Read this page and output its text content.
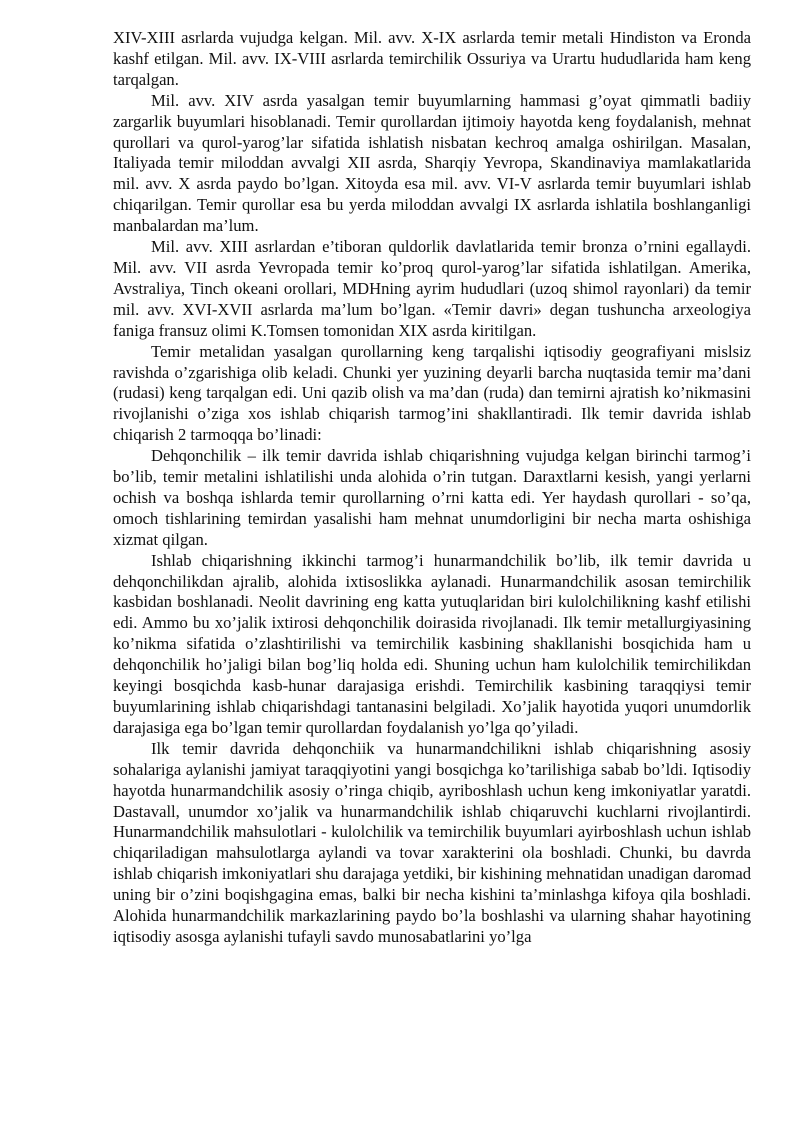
XIV-XIII asrlarda vujudga kelgan. Mil. avv. X-IX asrlarda temir metali Hindiston va Eronda kashf etilgan. Mil. avv. IX-VIII asrlarda temirchilik Ossuriya va Urartu hududlarida ham keng tarqalgan.

Mil. avv. XIV asrda yasalgan temir buyumlarning hammasi g’oyat qimmatli badiiy zargarlik buyumlari hisoblanadi. Temir qurollardan ijtimoiy hayotda keng foydalanish, mehnat qurollari va qurol-yarog’lar sifatida ishlatish nisbatan kechroq amalga oshirilgan. Masalan, Italiyada temir miloddan avvalgi XII asrda, Sharqiy Yevropa, Skandinaviya mamlakatlarida mil. avv. X asrda paydo bo’lgan. Xitoyda esa mil. avv. VI-V asrlarda temir buyumlari ishlab chiqarilgan. Temir qurollar esa bu yerda miloddan avvalgi IX asrlarda ishlatila boshlanganligi manbalardan ma’lum.

Mil. avv. XIII asrlardan e’tiboran quldorlik davlatlarida temir bronza o’rnini egallaydi. Mil. avv. VII asrda Yevropada temir ko’proq qurol-yarog’lar sifatida ishlatilgan. Amerika, Avstraliya, Tinch okeani orollari, MDHning ayrim hududlari (uzoq shimol rayonlari) da temir mil. avv. XVI-XVII asrlarda ma’lum bo’lgan. «Temir davri» degan tushuncha arxeologiya faniga fransuz olimi K.Tomsen tomonidan XIX asrda kiritilgan.

Temir metalidan yasalgan qurollarning keng tarqalishi iqtisodiy geografiyani mislsiz ravishda o’zgarishiga olib keladi. Chunki yer yuzining deyarli barcha nuqtasida temir ma’dani (rudasi) keng tarqalgan edi. Uni qazib olish va ma’dan (ruda) dan temirni ajratish ko’nikmasini rivojlanishi o’ziga xos ishlab chiqarish tarmog’ini shakllantiradi. Ilk temir davrida ishlab chiqarish 2 tarmoqqa bo’linadi:

Dehqonchilik – ilk temir davrida ishlab chiqarishning vujudga kelgan birinchi tarmog’i bo’lib, temir metalini ishlatilishi unda alohida o’rin tutgan. Daraxtlarni kesish, yangi yerlarni ochish va boshqa ishlarda temir qurollarning o’rni katta edi. Yer haydash qurollari - so’qa, omoch tishlarining temirdan yasalishi ham mehnat unumdorligini bir necha marta oshishiga xizmat qilgan.

Ishlab chiqarishning ikkinchi tarmog’i hunarmandchilik bo’lib, ilk temir davrida u dehqonchilikdan ajralib, alohida ixtisoslikka aylanadi. Hunarmandchilik asosan temirchilik kasbidan boshlanadi. Neolit davrining eng katta yutuqlaridan biri kulolchilikning kashf etilishi edi. Ammo bu xo’jalik ixtirosi dehqonchilik doirasida rivojlanadi. Ilk temir metallurgiyasining ko’nikma sifatida o’zlashtirilishi va temirchilik kasbining shakllanishi bosqichida ham u dehqonchilik ho’jaligi bilan bog’liq holda edi. Shuning uchun ham kulolchilik temirchilikdan keyingi bosqichda kasb-hunar darajasiga erishdi. Temirchilik kasbining taraqqiysi temir buyumlarining ishlab chiqarishdagi tantanasini belgiladi. Xo’jalik hayotida yuqori unumdorlik darajasiga ega bo’lgan temir qurollardan foydalanish yo’lga qo’yiladi.

Ilk temir davrida dehqonchiik va hunarmandchilikni ishlab chiqarishning asosiy sohalariga aylanishi jamiyat taraqqiyotini yangi bosqichga ko’tarilishiga sabab bo’ldi. Iqtisodiy hayotda hunarmandchilik asosiy o’ringa chiqib, ayriboshlash uchun keng imkoniyatlar yaratdi. Dastavall, unumdor xo’jalik va hunarmandchilik ishlab chiqaruvchi kuchlarni rivojlantirdi. Hunarmandchilik mahsulotlari - kulolchilik va temirchilik buyumlari ayirboshlash uchun ishlab chiqariladigan mahsulotlarga aylandi va tovar xarakterini ola boshladi. Chunki, bu davrda ishlab chiqarish imkoniyatlari shu darajaga yetdiki, bir kishining mehnatidan unadigan daromad uning bir o’zini boqishgagina emas, balki bir necha kishini ta’minlashga kifoya qila boshladi. Alohida hunarmandchilik markazlarining paydo bo’la boshlashi va ularning shahar hayotining iqtisodiy asosga aylanishi tufayli savdo munosabatlarini yo’lga
